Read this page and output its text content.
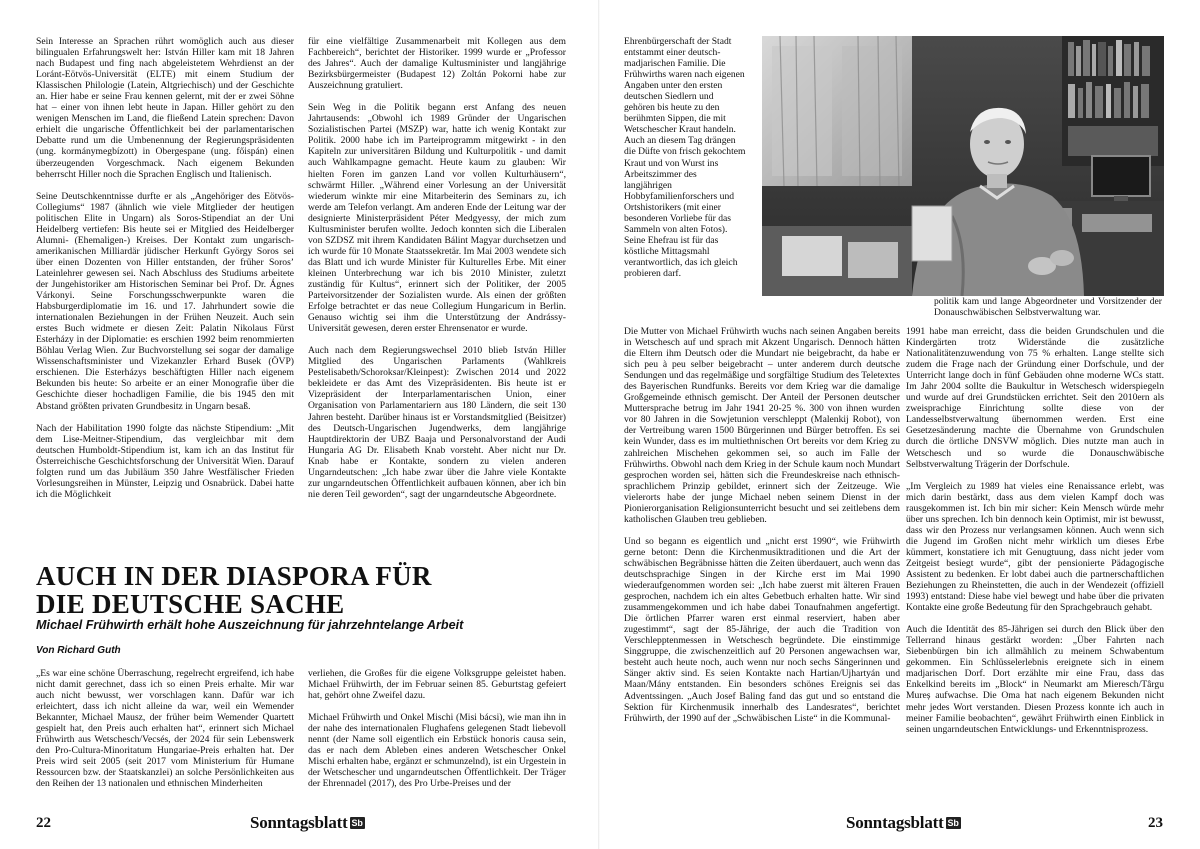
Sein Interesse an Sprachen rührt womöglich auch aus dieser bilingualen Erfahrungswelt her: István Hiller kam mit 18 Jahren nach Budapest und fing nach abgeleistetem Wehrdienst an der Loránt-Eötvös-Universität (ELTE) mit einem Studium der Klassischen Philologie (Latein, Altgriechisch) und der Geschichte an. Hier habe er seine Frau kennen gelernt, mit der er zwei Söhne hat – einer von ihnen lebt heute in Japan. Hiller gehört zu den wenigen Menschen im Land, die fließend Latein sprechen: Davon erhielt die ungarische Öffentlichkeit bei der parlamentarischen Debatte rund um die Umbenennung der Regierungspräsidenten (ung. kormánymegbízott) in Obergespane (ung. főispán) einen überzeugenden Vorgeschmack. Nach eigenem Bekunden beherrscht Hiller noch die Sprachen Englisch und Italienisch.

Seine Deutschkenntnisse durfte er als „Angehöriger des Eötvös-Collegiums“ 1987 (ähnlich wie viele Mitglieder der heutigen politischen Elite in Ungarn) als Soros-Stipendiat an der Uni Heidelberg vertiefen: Bis heute sei er Mitglied des Heidelberger Alumni- (Ehemaligen-) Kreises. Der Kontakt zum ungarisch-amerikanischen Milliardär jüdischer Herkunft György Soros sei über einen Dozenten von Hiller entstanden, der früher Soros’ Lateinlehrer gewesen sei. Nach Abschluss des Studiums arbeitete der Jungehistoriker am Historischen Seminar bei Prof. Dr. Ágnes Várkonyi. Seine Forschungsschwerpunkte waren die Habsburgerdiplomatie im 16. und 17. Jahrhundert sowie die internationalen Beziehungen in der Frühen Neuzeit. Auch sein erstes Buch widmete er diesen Zeit: Palatin Nikolaus Fürst Esterházy in der Diplomatie: es erschien 1992 beim renommierten Böhlau Verlag Wien. Zur Buchvorstellung sei sogar der damalige Wissenschaftsminister und Vizekanzler Erhard Busek (ÖVP) erschienen. Die Esterházys beschäftigten Hiller nach eigenem Bekunden bis heute: So arbeite er an einer Monografie über die Geschichte dieser hochadligen Familie, die bis 1945 den mit Abstand größten privaten Grundbesitz in Ungarn besaß.

Nach der Habilitation 1990 folgte das nächste Stipendium: „Mit dem Lise-Meitner-Stipendium, das vergleichbar mit dem deutschen Humboldt-Stipendium ist, kam ich an das Institut für Österreichische Geschichtsforschung der Universität Wien. Darauf folgten rund um das Jubiläum 350 Jahre Westfälischer Frieden Vorlesungsreihen in Münster, Leipzig und Osnabrück. Dabei hatte ich die Möglichkeit

für eine vielfältige Zusammenarbeit mit Kollegen aus dem Fachbereich“, berichtet der Historiker. 1999 wurde er „Professor des Jahres“. Auch der damalige Kultusminister und langjährige Bezirksbürgermeister (Budapest 12) Zoltán Pokorni habe zur Auszeichnung gratuliert.

Sein Weg in die Politik begann erst Anfang des neuen Jahrtausends: „Obwohl ich 1989 Gründer der Ungarischen Sozialistischen Partei (MSZP) war, hatte ich wenig Kontakt zur Politik. 2000 habe ich im Parteiprogramm mitgewirkt - in den Kapiteln zur universitären Bildung und Kulturpolitik - und damit auch Wahlkampagne gemacht. Heute kaum zu glauben: Wir hielten Foren im ganzen Land vor vollen Kulturhäusern“, schwärmt Hiller. „Während einer Vorlesung an der Universität wiederum winkte mir eine Mitarbeiterin des Seminars zu, ich werde am Telefon verlangt. Am anderen Ende der Leitung war der designierte Ministerpräsident Péter Medgyessy, der mich zum Kultusminister berufen wollte. Jedoch konnten sich die Liberalen von SZDSZ mit ihrem Kandidaten Bálint Magyar durchsetzen und ich wurde für 10 Monate Staatssekretär. Im Mai 2003 wendete sich das Blatt und ich wurde Minister für Kulturelles Erbe. Mit einer kleinen Unterbrechung war ich bis 2010 Minister, zuletzt zuständig für Kultus“, erinnert sich der Politiker, der 2005 Parteivorsitzender der Sozialisten wurde. Als einen der größten Erfolge betrachtet er das neue Collegium Hungaricum in Berlin. Genauso wichtig sei ihm die Unterstützung der Andrássy-Universität gewesen, deren erster Ehrensenator er wurde.

Auch nach dem Regierungswechsel 2010 blieb István Hiller Mitglied des Ungarischen Parlaments (Wahlkreis Pestelisabeth/Schoroksar/Kleinpest): Zwischen 2014 und 2022 bekleidete er das Amt des Vizepräsidenten. Bis heute ist er Vizepräsident der Interparlamentarischen Union, einer Organisation von Parlamentariern aus 180 Ländern, die seit 130 Jahren besteht. Darüber hinaus ist er Vorstandsmitglied (Beisitzer) des Deutsch-Ungarischen Jugendwerks, dem langjährige Hauptdirektorin der UBZ Baaja und Personalvorstand der Audi Hungaria AG Dr. Elisabeth Knab vorsteht. Aber nicht nur Dr. Knab habe er Kontakte, sondern zu vielen anderen Ungarndeutschen: „Ich habe zwar über die Jahre viele Kontakte zur ungarndeutschen Öffentlichkeit aufbauen können, aber ich bin nie deren Teil geworden“, sagt der ungarndeutsche Abgeordnete.

AUCH IN DER DIASPORA FÜR
DIE DEUTSCHE SACHE
Michael Frühwirth erhält hohe Auszeichnung für jahrzehntelange Arbeit
Von Richard Guth

„Es war eine schöne Überraschung, regelrecht ergreifend, ich habe nicht damit gerechnet, dass ich so einen Preis erhalte. Mir war auch nicht bewusst, wer vorschlagen kann. Dafür war ich erleichtert, dass ich nicht alleine da war, weil ein Wemender Bekannter, Michael Mausz, der früher beim Wemender Quartett gespielt hat, den Preis auch erhalten hat“, erinnert sich Michael Frühwirth aus Wetschesch/Vecsés, der 2024 für sein Lebenswerk den Pro-Cultura-Minoritatum Hungariae-Preis erhalten hat. Der Preis wird seit 2005 (seit 2017 vom Ministerium für Humane Ressourcen bzw. der Staatskanzlei) an solche Persönlichkeiten aus den Reihen der 13 nationalen und ethnischen Minderheiten

verliehen, die Großes für die eigene Volksgruppe geleistet haben. Michael Frühwirth, der im Februar seinen 85. Geburtstag gefeiert hat, gehört ohne Zweifel dazu.

Michael Frühwirth und Onkel Mischi (Misi bácsi), wie man ihn in der nahe des internationalen Flughafens gelegenen Stadt liebevoll nennt (der Name soll eigentlich ein Erbstück honoris causa sein, das er nach dem Ableben eines anderen Wetschescher Onkel Mischi erhalten habe, ergänzt er schmunzelnd), ist ein Urgestein in der Wetschescher und ungarndeutschen Öffentlichkeit. Der Träger der Ehrennadel (2017), des Pro Urbe-Preises und der

22	Sonntagsblatt Sb

Ehrenbürgerschaft der Stadt entstammt einer deutsch-madjarischen Familie. Die Frühwirths waren nach eigenen Angaben unter den ersten deutschen Siedlern und gehören bis heute zu den berühmten Sippen, die mit Wetschescher Kraut handeln. Auch an diesem Tag drängen die Düfte von frisch gekochtem Kraut und von Wurst ins Arbeitszimmer des langjährigen Hobbyfamilienforschers und Ortshistorikers (mit einer besonderen Vorliebe für das Sammeln von alten Fotos). Seine Ehefrau ist für das köstliche Mittagsmahl verantwortlich, das ich gleich probieren darf.

politik kam und lange Abgeordneter und Vorsitzender der Donauschwäbischen Selbstverwaltung war.

Die Mutter von Michael Frühwirth wuchs nach seinen Angaben bereits in Wetschesch auf und sprach mit Akzent Ungarisch. Dennoch hätten die Eltern ihm Deutsch oder die Mundart nie beigebracht, da habe er sich peu à peu selber beigebracht – unter anderem durch deutsche Sendungen und das regelmäßige und sorgfältige Studium des Teletextes des Bayerischen Rundfunks. Bereits vor dem Krieg war die damalige Großgemeinde ethnisch gemischt. Der Anteil der Personen deutscher Muttersprache betrug im Jahr 1941 20-25 %. 300 von ihnen wurden vor 80 Jahren in die Sowjetunion verschleppt (Malenkij Robot), von der Vertreibung waren 1500 Bürgerinnen und Bürger betroffen. Es sei kein Wunder, dass es im multiethnischen Ort bereits vor dem Krieg zu zahlreichen Mischehen gekommen sei, so auch im Falle der Frühwirths. Obwohl nach dem Krieg in der Schule kaum noch Mundart gesprochen worden sei, hätten sich die Freundeskreise nach ethnisch-sprachlichem Prinzip gebildet, erinnert sich der Zeitzeuge. Wie vielerorts habe der junge Michael neben seinem Dienst in der Pionierorganisation Religionsunterricht besucht und sei zeitlebens dem katholischen Glauben treu geblieben.

Und so begann es eigentlich und „nicht erst 1990“, wie Frühwirth gerne betont: Denn die Kirchenmusiktraditionen und die Art der schwäbischen Begräbnisse hätten die Zeiten überdauert, auch wenn das deutschsprachige Singen in der Kirche erst im Mai 1990 wiederaufgenommen worden sei: „Ich habe zuerst mit älteren Frauen gesprochen, nachdem ich ein altes Gebetbuch erhalten hatte. Wir sind zusammengekommen und ich habe dabei Tonaufnahmen angefertigt. Die örtlichen Pfarrer waren erst einmal reserviert, haben aber zugestimmt“, sagt der 85-Jährige, der auch die Tradition von Verschlepptenmessen in Wetschesch begründete. Die einstimmige Singgruppe, die zwischenzeitlich auf 20 Personen angewachsen war, besteht auch heute noch, auch wenn nur noch sechs Sängerinnen und Sänger aktiv sind. Es seien Kontakte nach Hartian/Ujhartyán und Maan/Mány entstanden. Ein besonders schönes Ereignis sei das Adventssingen. „Auch Josef Baling fand das gut und so entstand die Sektion für Kirchenmusik innerhalb des Landesrates“, berichtet Frühwirth, der 1990 auf der „Schwäbischen Liste“ in die Kommunal-

1991 habe man erreicht, dass die beiden Grundschulen und die Kindergärten trotz Widerstände die zusätzliche Nationalitätenzuwendung von 75 % erhalten. Lange stellte sich zudem die Frage nach der Gründung einer Dorfschule, und der Unterricht lange doch in fünf Gebäuden ohne moderne WCs statt. Im Jahr 2004 sollte die Baukultur in Wetschesch widerspiegeln und wurde auf drei Grundstücken errichtet. Seit den 2010ern als zweisprachige Einrichtung sollte diese von der Landesselbstverwaltung übernommen werden. Erst eine Gesetzesänderung machte die Übernahme von Grundschulen durch die örtliche DNSVW möglich. Dies nutzte man auch in Wetschesch und so wurde die Donauschwäbische Selbstverwaltung Trägerin der Dorfschule.

„Im Vergleich zu 1989 hat vieles eine Renaissance erlebt, was mich darin bestärkt, dass aus dem vielen Kampf doch was rausgekommen ist. Ich bin mir sicher: Kein Mensch würde mehr über uns sprechen. Ich bin dennoch kein Optimist, mir ist bewusst, dass wir den Prozess nur verlangsamen können. Auch wenn sich die Jugend im Großen nicht mehr wirklich um dieses Erbe kümmert, konstatiere ich mit Genugtuung, dass nicht jeder vom Zeitgeist besiegt wurde“, gibt der pensionierte Pädagogische Assistent zu bedenken. Er lobt dabei auch die partnerschaftlichen Beziehungen zu Rheinstetten, die auch in der Wendezeit (offiziell 1993) entstand: Diese habe viel bewegt und habe über die privaten Kontakte eine große Bedeutung für den Sprachgebrauch gehabt.

Auch die Identität des 85-Jährigen sei durch den Blick über den Tellerrand hinaus gestärkt worden: „Über Fahrten nach Siebenbürgen bin ich allmählich zu meinem Schwabentum gekommen. Ein Schlüsselerlebnis ereignete sich in einem madjarischen Dorf. Dort erzählte mir eine Frau, dass das Enkelkind bereits im „Block“ in Neumarkt am Mieresch/Târgu Mureș aufwachse. Die Oma hat nach eigenem Bekunden nicht mehr jedes Wort verstanden. Diesen Prozess konnte ich auch in meiner Familie beobachten“, gewährt Frühwirth einen Einblick in seinen ungarndeutschen Entwicklungs- und Erkenntnisprozess.

Sonntagsblatt Sb	23
